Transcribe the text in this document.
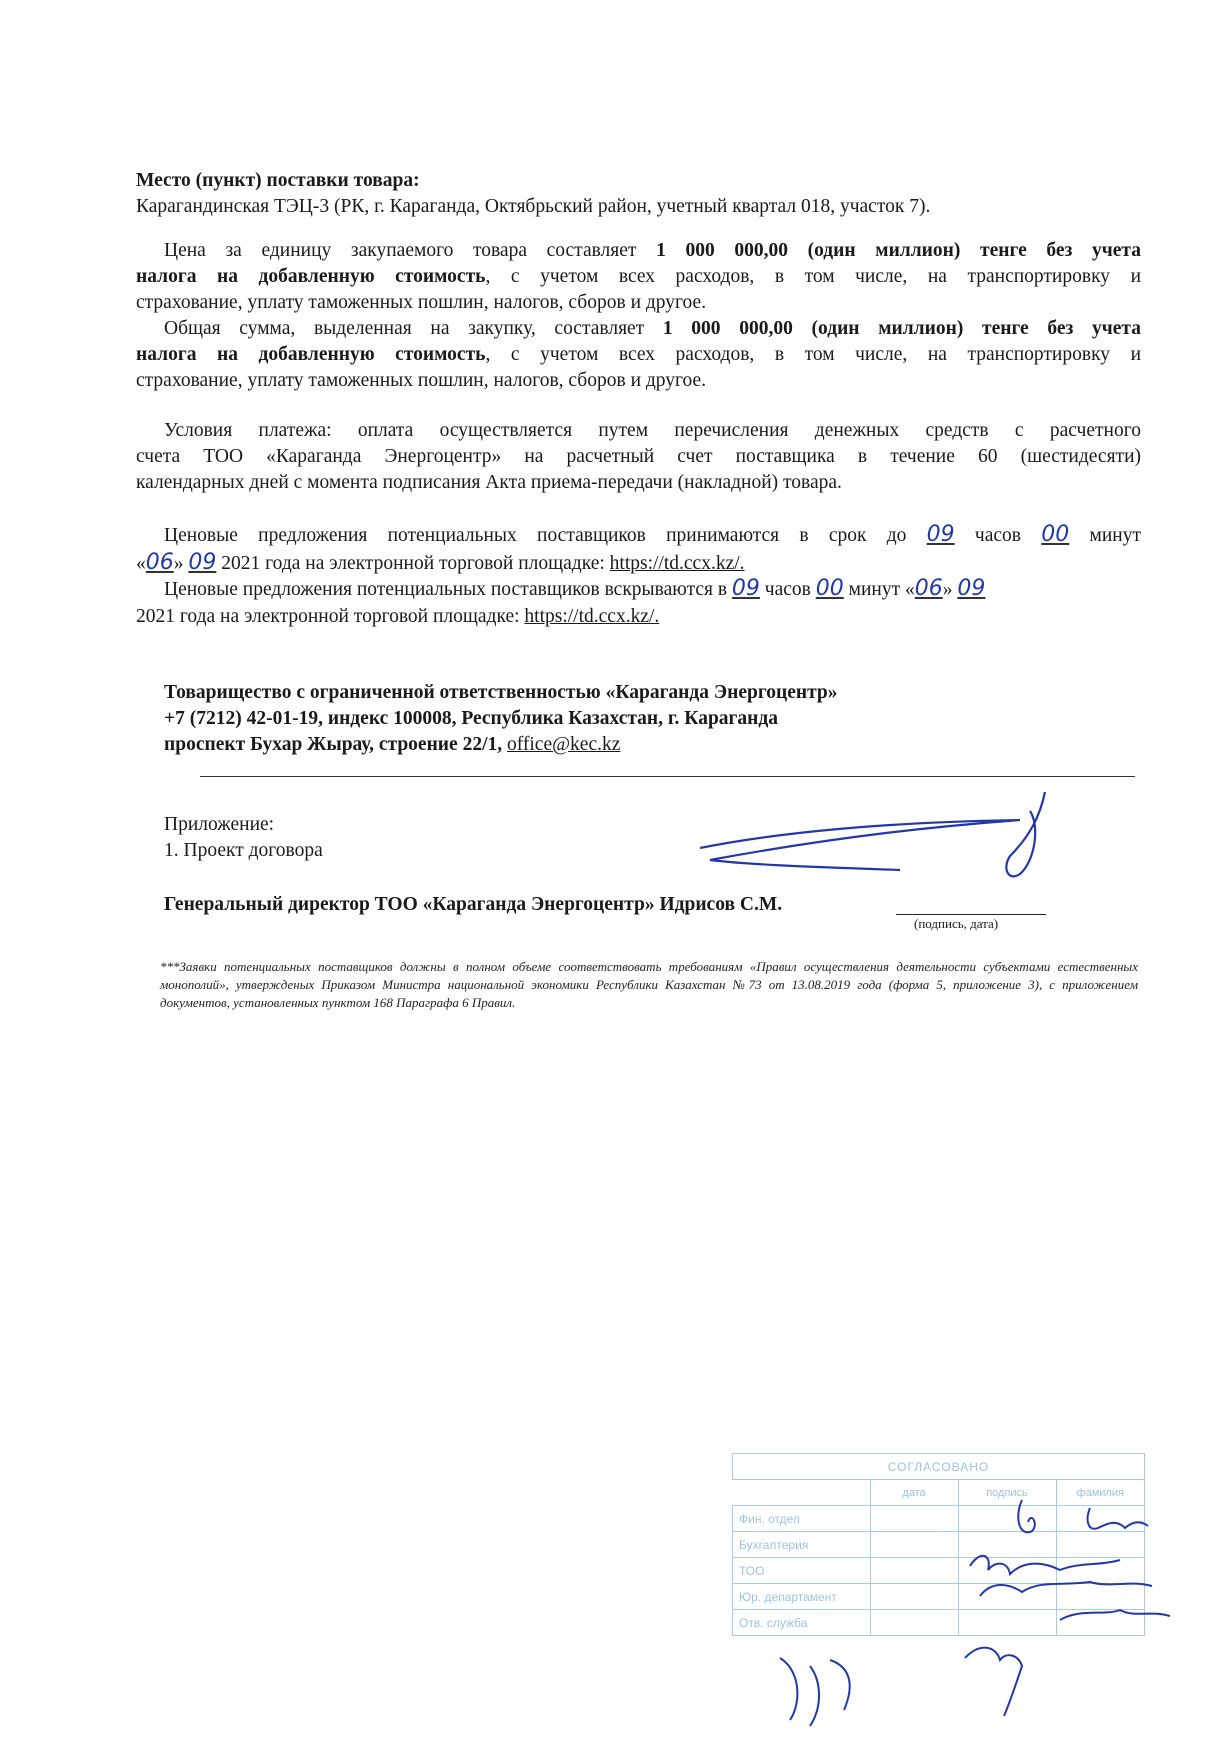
Место (пункт) поставки товара:
Карагандинская ТЭЦ-3 (РК, г. Караганда, Октябрьский район, учетный квартал 018, участок 7).
Цена за единицу закупаемого товара составляет 1 000 000,00 (один миллион) тенге без учета
налога на добавленную стоимость, с учетом всех расходов, в том числе, на транспортировку и
страхование, уплату таможенных пошлин, налогов, сборов и другое.
Общая сумма, выделенная на закупку, составляет 1 000 000,00 (один миллион) тенге без учета
налога на добавленную стоимость, с учетом всех расходов, в том числе, на транспортировку и
страхование, уплату таможенных пошлин, налогов, сборов и другое.
Условия платежа: оплата осуществляется путем перечисления денежных средств с расчетного
счета ТОО «Караганда Энергоцентр» на расчетный счет поставщика в течение 60 (шестидесяти)
календарных дней с момента подписания Акта приема-передачи (накладной) товара.
Ценовые предложения потенциальных поставщиков принимаются в срок до 09 часов 00 минут
«06» 09 2021 года на электронной торговой площадке: https://td.ccx.kz/.
Ценовые предложения потенциальных поставщиков вскрываются в 09 часов 00 минут «06» 09
2021 года на электронной торговой площадке: https://td.ccx.kz/.
Товарищество с ограниченной ответственностью «Караганда Энергоцентр»
+7 (7212) 42-01-19, индекс 100008, Республика Казахстан, г. Караганда
проспект Бухар Жырау, строение 22/1, office@kec.kz
Приложение:
1. Проект договора
Генеральный директор ТОО «Караганда Энергоцентр» Идрисов С.М.
(подпись, дата)
***Заявки потенциальных поставщиков должны в полном объеме соответствовать требованиям «Правил осуществления деятельности субъектами естественных монополий», утвержденых Приказом Министра национальной экономики Республики Казахстан №73 от 13.08.2019 года (форма 5, приложение 3), с приложением документов, установленных пунктом 168 Параграфа 6 Правил.
СОГЛАСОВАНО			
	дата	подпись	фамилия
Фин. отдел			
Бухгалтерия			
ТОО			
Юр. департамент			
Отв. служба			
